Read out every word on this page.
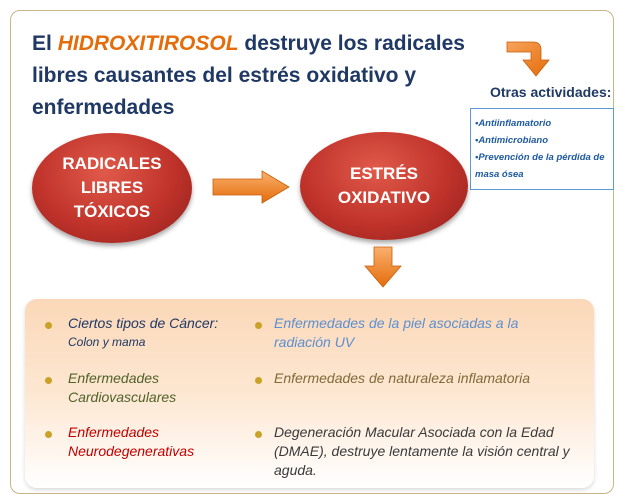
El HIDROXITIROSOL destruye los radicales libres causantes del estrés oxidativo y enfermedades
Otras actividades:
•Antiinflamatorio
•Antimicrobiano
•Prevención de la pérdida de masa ósea
RADICALES
LIBRES
TÓXICOS
ESTRÉS
OXIDATIVO
Ciertos tipos de Cáncer:
Colon y mama
Enfermedades Cardiovasculares
Enfermedades Neurodegenerativas
Enfermedades de la piel asociadas a la radiación UV
Enfermedades de naturaleza inflamatoria
Degeneración Macular Asociada con la Edad (DMAE), destruye lentamente la visión central y aguda.
